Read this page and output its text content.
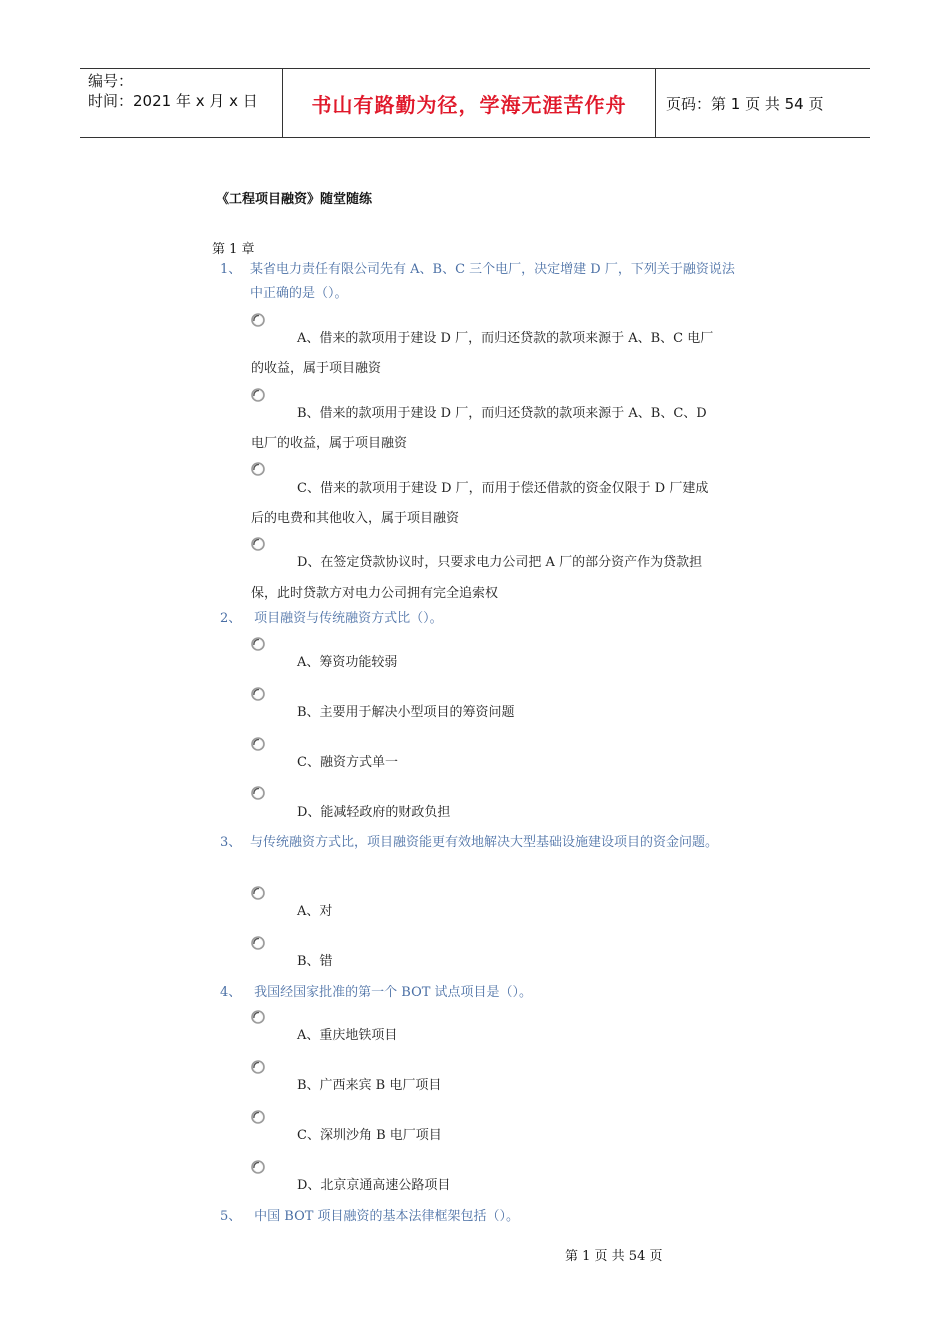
编号：
时间：2021 年 x 月 x 日	书山有路勤为径，学海无涯苦作舟	页码：第 1 页 共 54 页
《工程项目融资》随堂随练
第 1 章
1、 某省电力责任有限公司先有 A、B、C 三个电厂，决定增建 D 厂，下列关于融资说法中正确的是（）。
A、借来的款项用于建设 D 厂，而归还贷款的款项来源于 A、B、C 电厂
的收益，属于项目融资
B、借来的款项用于建设 D 厂，而归还贷款的款项来源于 A、B、C、D
电厂的收益，属于项目融资
C、借来的款项用于建设 D 厂，而用于偿还借款的资金仅限于 D 厂建成
后的电费和其他收入，属于项目融资
D、在签定贷款协议时，只要求电力公司把 A 厂的部分资产作为贷款担
保，此时贷款方对电力公司拥有完全追索权
2、 项目融资与传统融资方式比（）。
A、筹资功能较弱
B、主要用于解决小型项目的筹资问题
C、融资方式单一
D、能减轻政府的财政负担
3、 与传统融资方式比，项目融资能更有效地解决大型基础设施建设项目的资金问题。
A、对
B、错
4、 我国经国家批准的第一个 BOT 试点项目是（）。
A、重庆地铁项目
B、广西来宾 B 电厂项目
C、深圳沙角 B 电厂项目
D、北京京通高速公路项目
5、 中国 BOT 项目融资的基本法律框架包括（）。
第 1 页 共 54 页
